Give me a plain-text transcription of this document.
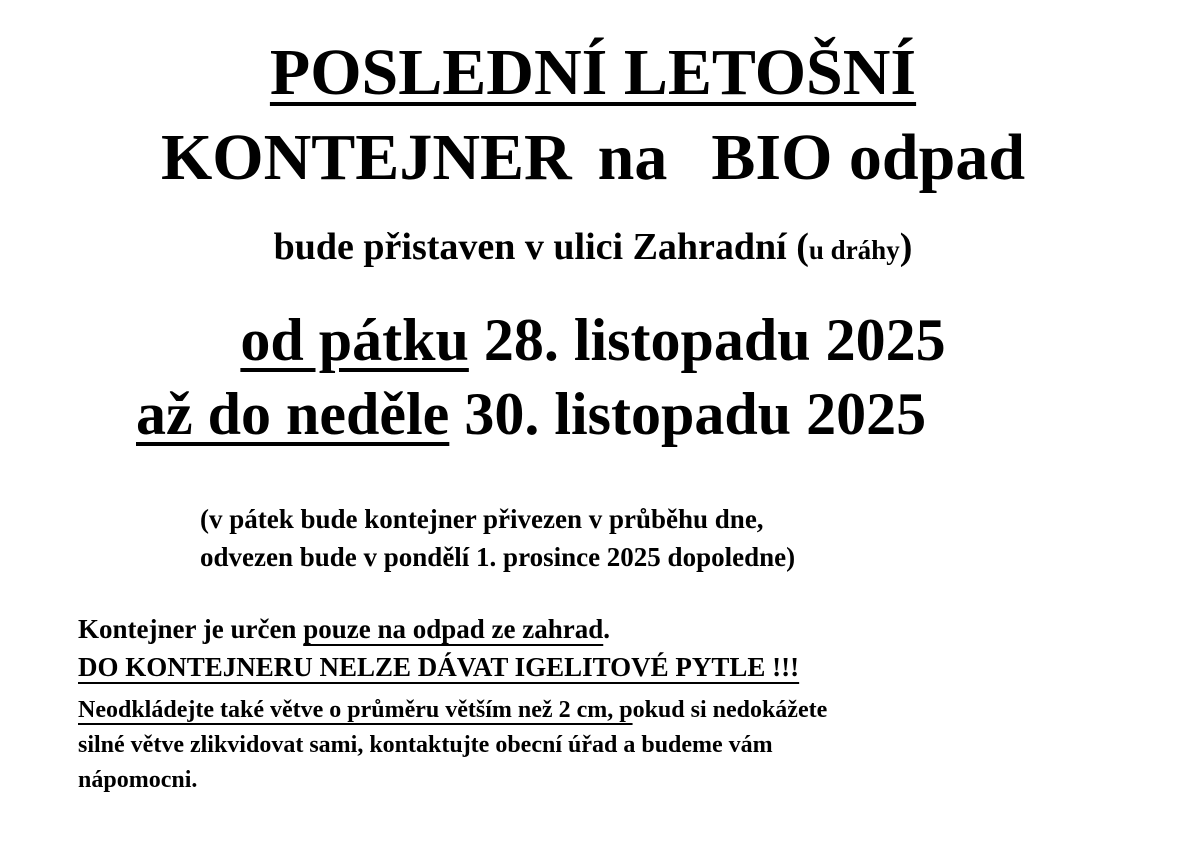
POSLEDNÍ LETOŠNÍ
KONTEJNER na BIO odpad
bude přistaven v ulici Zahradní (u dráhy)
od pátku 28. listopadu 2025
až do neděle 30. listopadu 2025
(v pátek bude kontejner přivezen v průběhu dne,
odvezen bude v pondělí 1. prosince 2025 dopoledne)
Kontejner je určen pouze na odpad ze zahrad.
DO KONTEJNERU NELZE DÁVAT IGELITOVÉ PYTLE !!!
Neodkládejte také větve o průměru větším než 2 cm, pokud si nedokážete
silné větve zlikvidovat sami, kontaktujte obecní úřad a budeme vám
nápomocni.
